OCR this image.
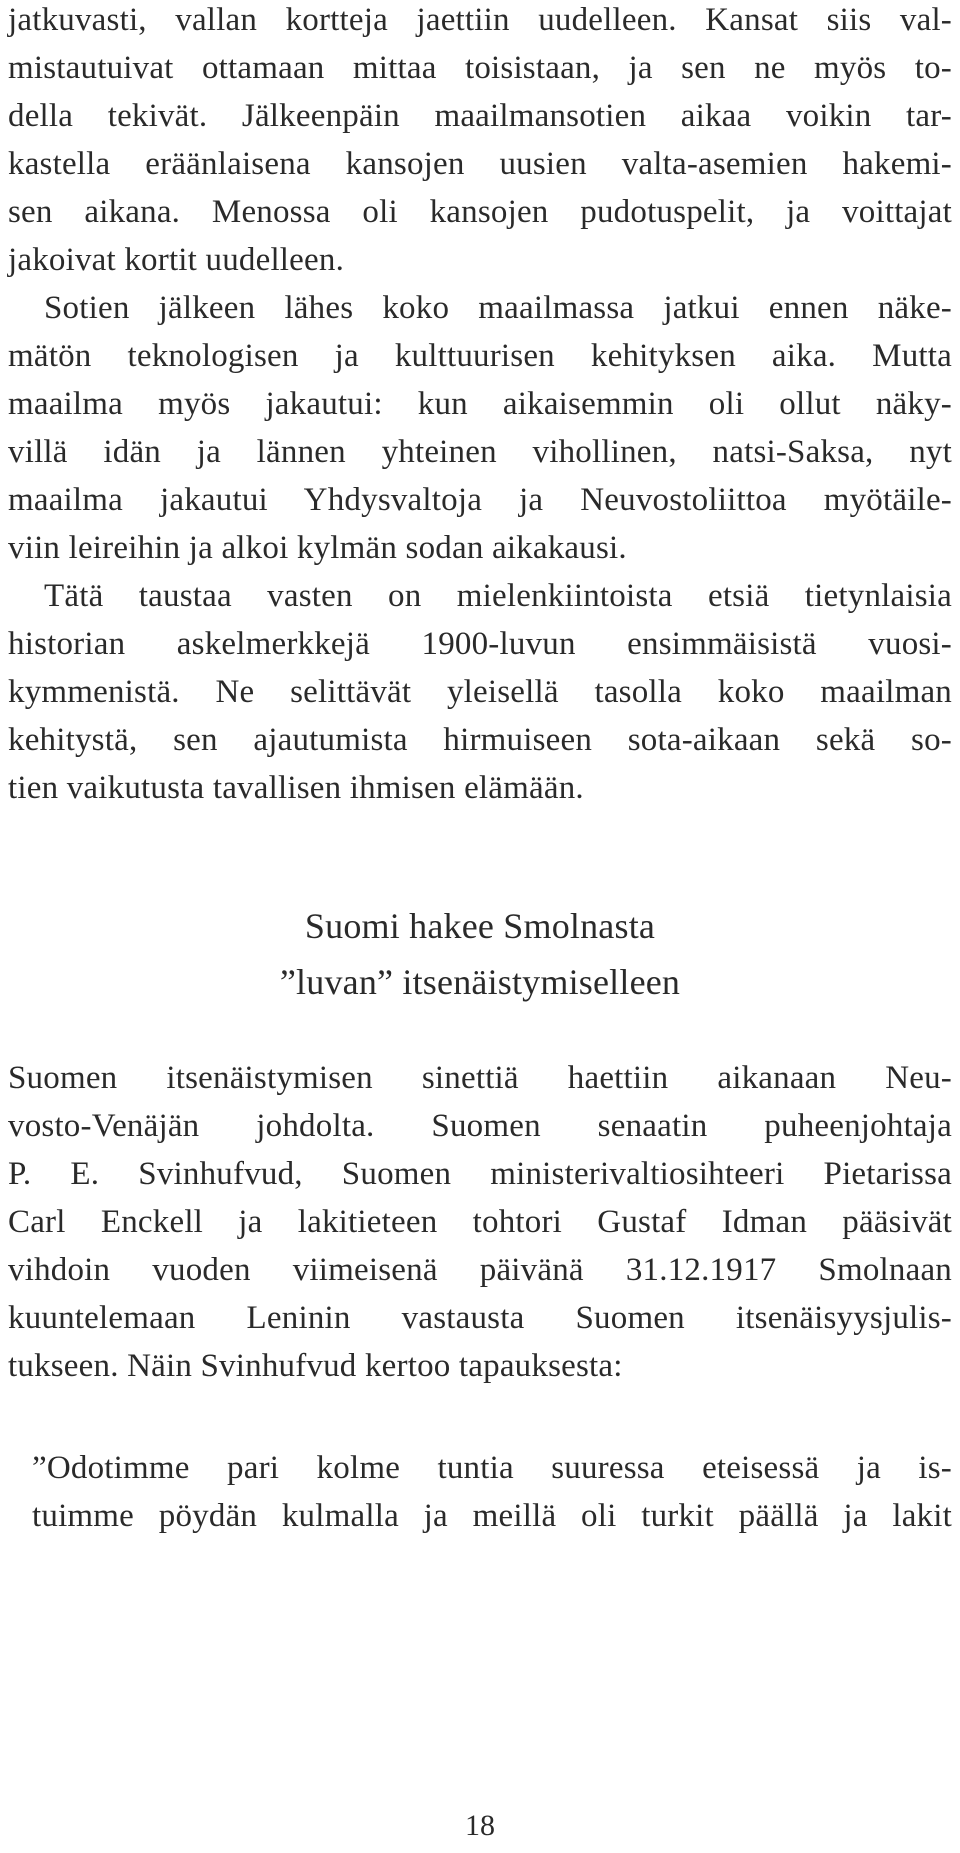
jatkuvasti, vallan kortteja jaettiin uudelleen. Kansat siis val-
mistautuivat ottamaan mittaa toisistaan, ja sen ne myös to-
della tekivät. Jälkeenpäin maailmansotien aikaa voikin tar-
kastella eräänlaisena kansojen uusien valta-asemien hakemi-
sen aikana. Menossa oli kansojen pudotuspelit, ja voittajat
jakoivat kortit uudelleen.
Sotien jälkeen lähes koko maailmassa jatkui ennen näke-
mätön teknologisen ja kulttuurisen kehityksen aika. Mutta
maailma myös jakautui: kun aikaisemmin oli ollut näky-
villä idän ja lännen yhteinen vihollinen, natsi-Saksa, nyt
maailma jakautui Yhdysvaltoja ja Neuvostoliittoa myötäile-
viin leireihin ja alkoi kylmän sodan aikakausi.
Tätä taustaa vasten on mielenkiintoista etsiä tietynlaisia
historian askelmerkkejä 1900-luvun ensimmäisistä vuosi-
kymmenistä. Ne selittävät yleisellä tasolla koko maailman
kehitystä, sen ajautumista hirmuiseen sota-aikaan sekä so-
tien vaikutusta tavallisen ihmisen elämään.
Suomi hakee Smolnasta
”luvan” itsenäistymiselleen
Suomen itsenäistymisen sinettiä haettiin aikanaan Neu-
vosto-Venäjän johdolta. Suomen senaatin puheenjohtaja
P. E. Svinhufvud, Suomen ministerivaltiosihteeri Pietarissa
Carl Enckell ja lakitieteen tohtori Gustaf Idman pääsivät
vihdoin vuoden viimeisenä päivänä 31.12.1917 Smolnaan
kuuntelemaan Leninin vastausta Suomen itsenäisyysjulis-
tukseen. Näin Svinhufvud kertoo tapauksesta:
”Odotimme pari kolme tuntia suuressa eteisessä ja is-
tuimme pöydän kulmalla ja meillä oli turkit päällä ja lakit
18
